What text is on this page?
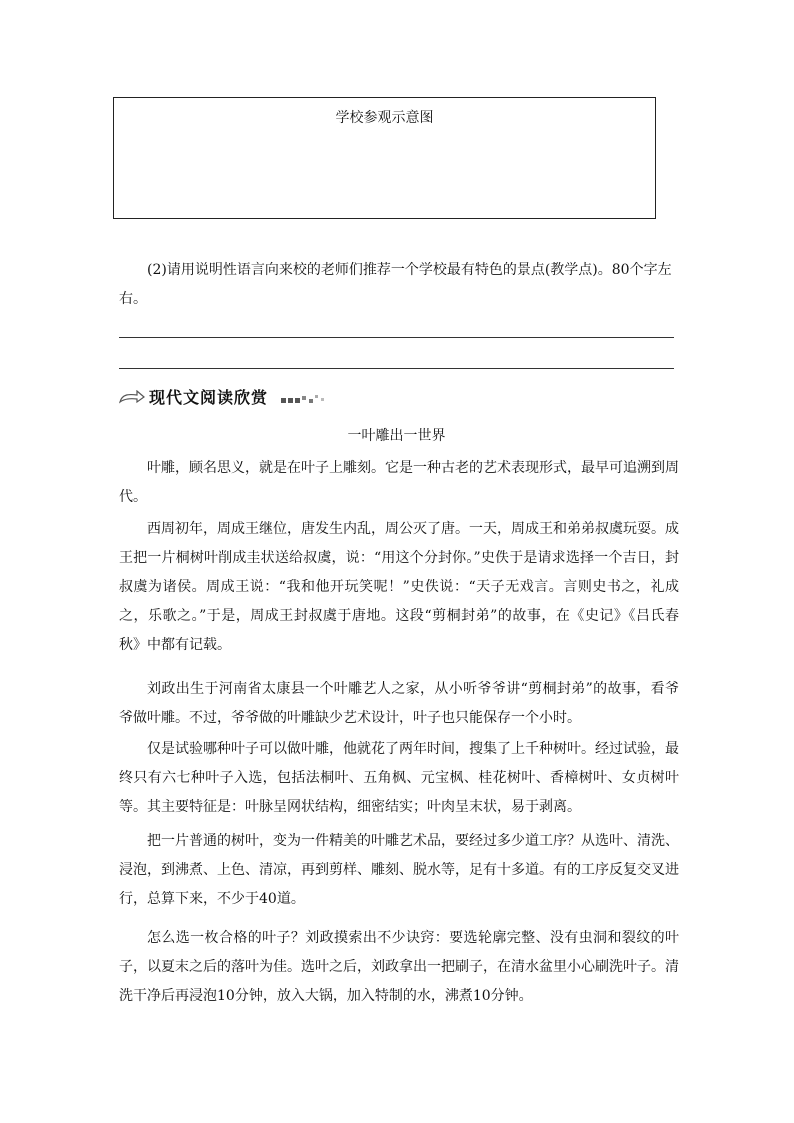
学校参观示意图

(2)请用说明性语言向来校的老师们推荐一个学校最有特色的景点(教学点)。80个字左右。

现代文阅读欣赏
一叶雕出一世界

叶雕，顾名思义，就是在叶子上雕刻。它是一种古老的艺术表现形式，最早可追溯到周代。

西周初年，周成王继位，唐发生内乱，周公灭了唐。一天，周成王和弟弟叔虞玩耍。成王把一片桐树叶削成圭状送给叔虞，说：“用这个分封你。”史佚于是请求选择一个吉日，封叔虞为诸侯。周成王说：“我和他开玩笑呢！”史佚说：“天子无戏言。言则史书之，礼成之，乐歌之。”于是，周成王封叔虞于唐地。这段“剪桐封弟”的故事，在《史记》《吕氏春秋》中都有记载。

刘政出生于河南省太康县一个叶雕艺人之家，从小听爷爷讲“剪桐封弟”的故事，看爷爷做叶雕。不过，爷爷做的叶雕缺少艺术设计，叶子也只能保存一个小时。

仅是试验哪种叶子可以做叶雕，他就花了两年时间，搜集了上千种树叶。经过试验，最终只有六七种叶子入选，包括法桐叶、五角枫、元宝枫、桂花树叶、香樟树叶、女贞树叶等。其主要特征是：叶脉呈网状结构，细密结实；叶肉呈末状，易于剥离。

把一片普通的树叶，变为一件精美的叶雕艺术品，要经过多少道工序？从选叶、清洗、浸泡，到沸煮、上色、清凉，再到剪样、雕刻、脱水等，足有十多道。有的工序反复交叉进行，总算下来，不少于40道。

怎么选一枚合格的叶子？刘政摸索出不少诀窍：要选轮廓完整、没有虫洞和裂纹的叶子，以夏末之后的落叶为佳。选叶之后，刘政拿出一把刷子，在清水盆里小心刷洗叶子。清洗干净后再浸泡10分钟，放入大锅，加入特制的水，沸煮10分钟。
